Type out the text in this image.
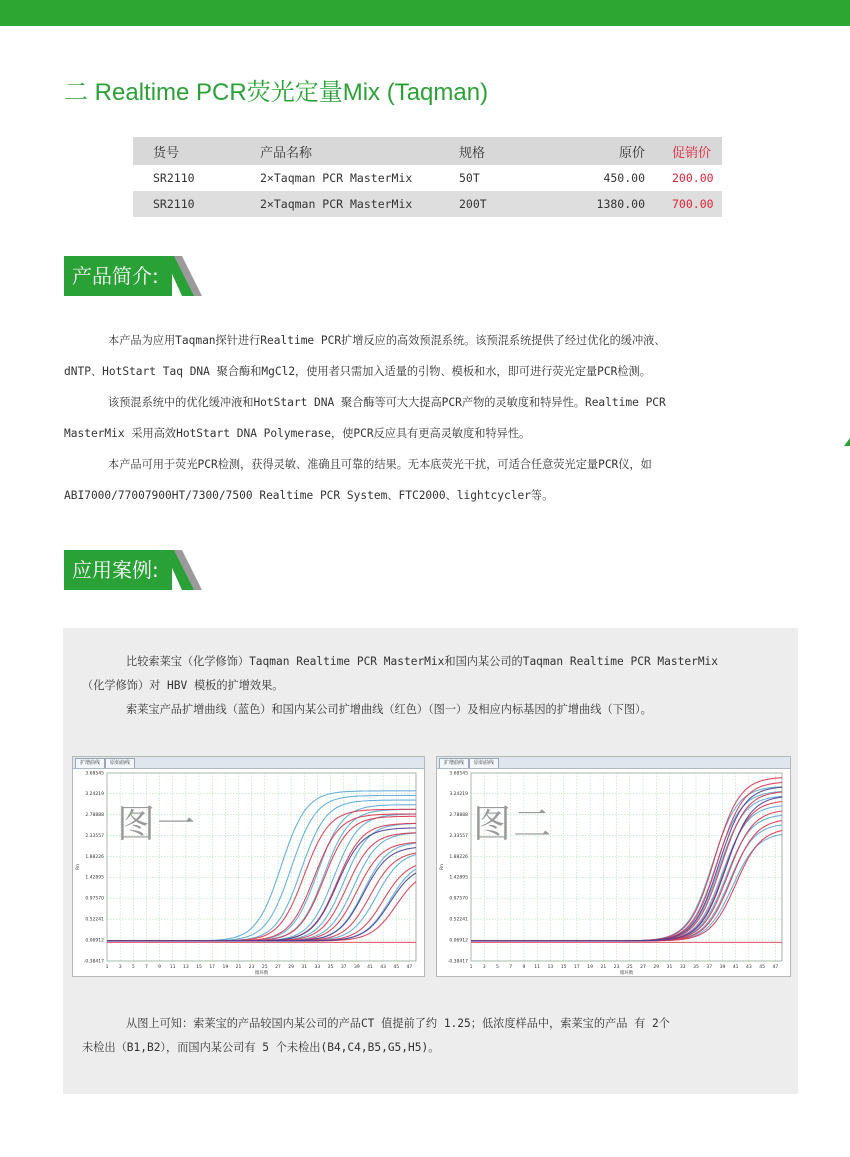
二 Realtime PCR荧光定量Mix (Taqman)
货号	产品名称	规格	原价	促销价
SR2110	2×Taqman PCR MasterMix	50T	450.00	200.00
SR2110	2×Taqman PCR MasterMix	200T	1380.00	700.00
产品简介:

本产品为应用Taqman探针进行Realtime PCR扩增反应的高效预混系统。该预混系统提供了经过优化的缓冲液、

dNTP、HotStart Taq DNA 聚合酶和MgCl2，使用者只需加入适量的引物、模板和水，即可进行荧光定量PCR检测。

该预混系统中的优化缓冲液和HotStart DNA 聚合酶等可大大提高PCR产物的灵敏度和特异性。Realtime PCR

MasterMix 采用高效HotStart DNA Polymerase，使PCR反应具有更高灵敏度和特异性。

本产品可用于荧光PCR检测，获得灵敏、准确且可靠的结果。无本底荧光干扰，可适合任意荧光定量PCR仪，如

ABI7000/77007900HT/7300/7500 Realtime PCR System、FTC2000、lightcycler等。

应用案例:

比较索莱宝（化学修饰）Taqman Realtime PCR MasterMix和国内某公司的Taqman Realtime PCR MasterMix

（化学修饰）对 HBV 模板的扩增效果。

索莱宝产品扩增曲线（蓝色）和国内某公司扩增曲线（红色）（图一）及相应内标基因的扩增曲线（下图）。

扩增曲线	原始曲线
3.68545
3.24219
2.78888
2.33557
1.88226
1.42895
0.97570
0.52241
0.06912
-0.38417
1 3 5 7 9 11 13 15 17 19 21 23 25 27 29 31 33 35 37 39 41 43 45 47
循环数
Rn
图一
扩增曲线	原始曲线
3.68545
3.24219
2.78888
2.33557
1.88226
1.42895
0.97570
0.52241
0.06912
-0.38417
1 3 5 7 9 11 13 15 17 19 21 23 25 27 29 31 33 35 37 39 41 43 45 47
循环数
Rn
图二

从图上可知：索莱宝的产品较国内某公司的产品CT 值提前了约 1.25；低浓度样品中，索莱宝的产品 有 2个

未检出（B1,B2），而国内某公司有 5 个未检出(B4,C4,B5,G5,H5)。
